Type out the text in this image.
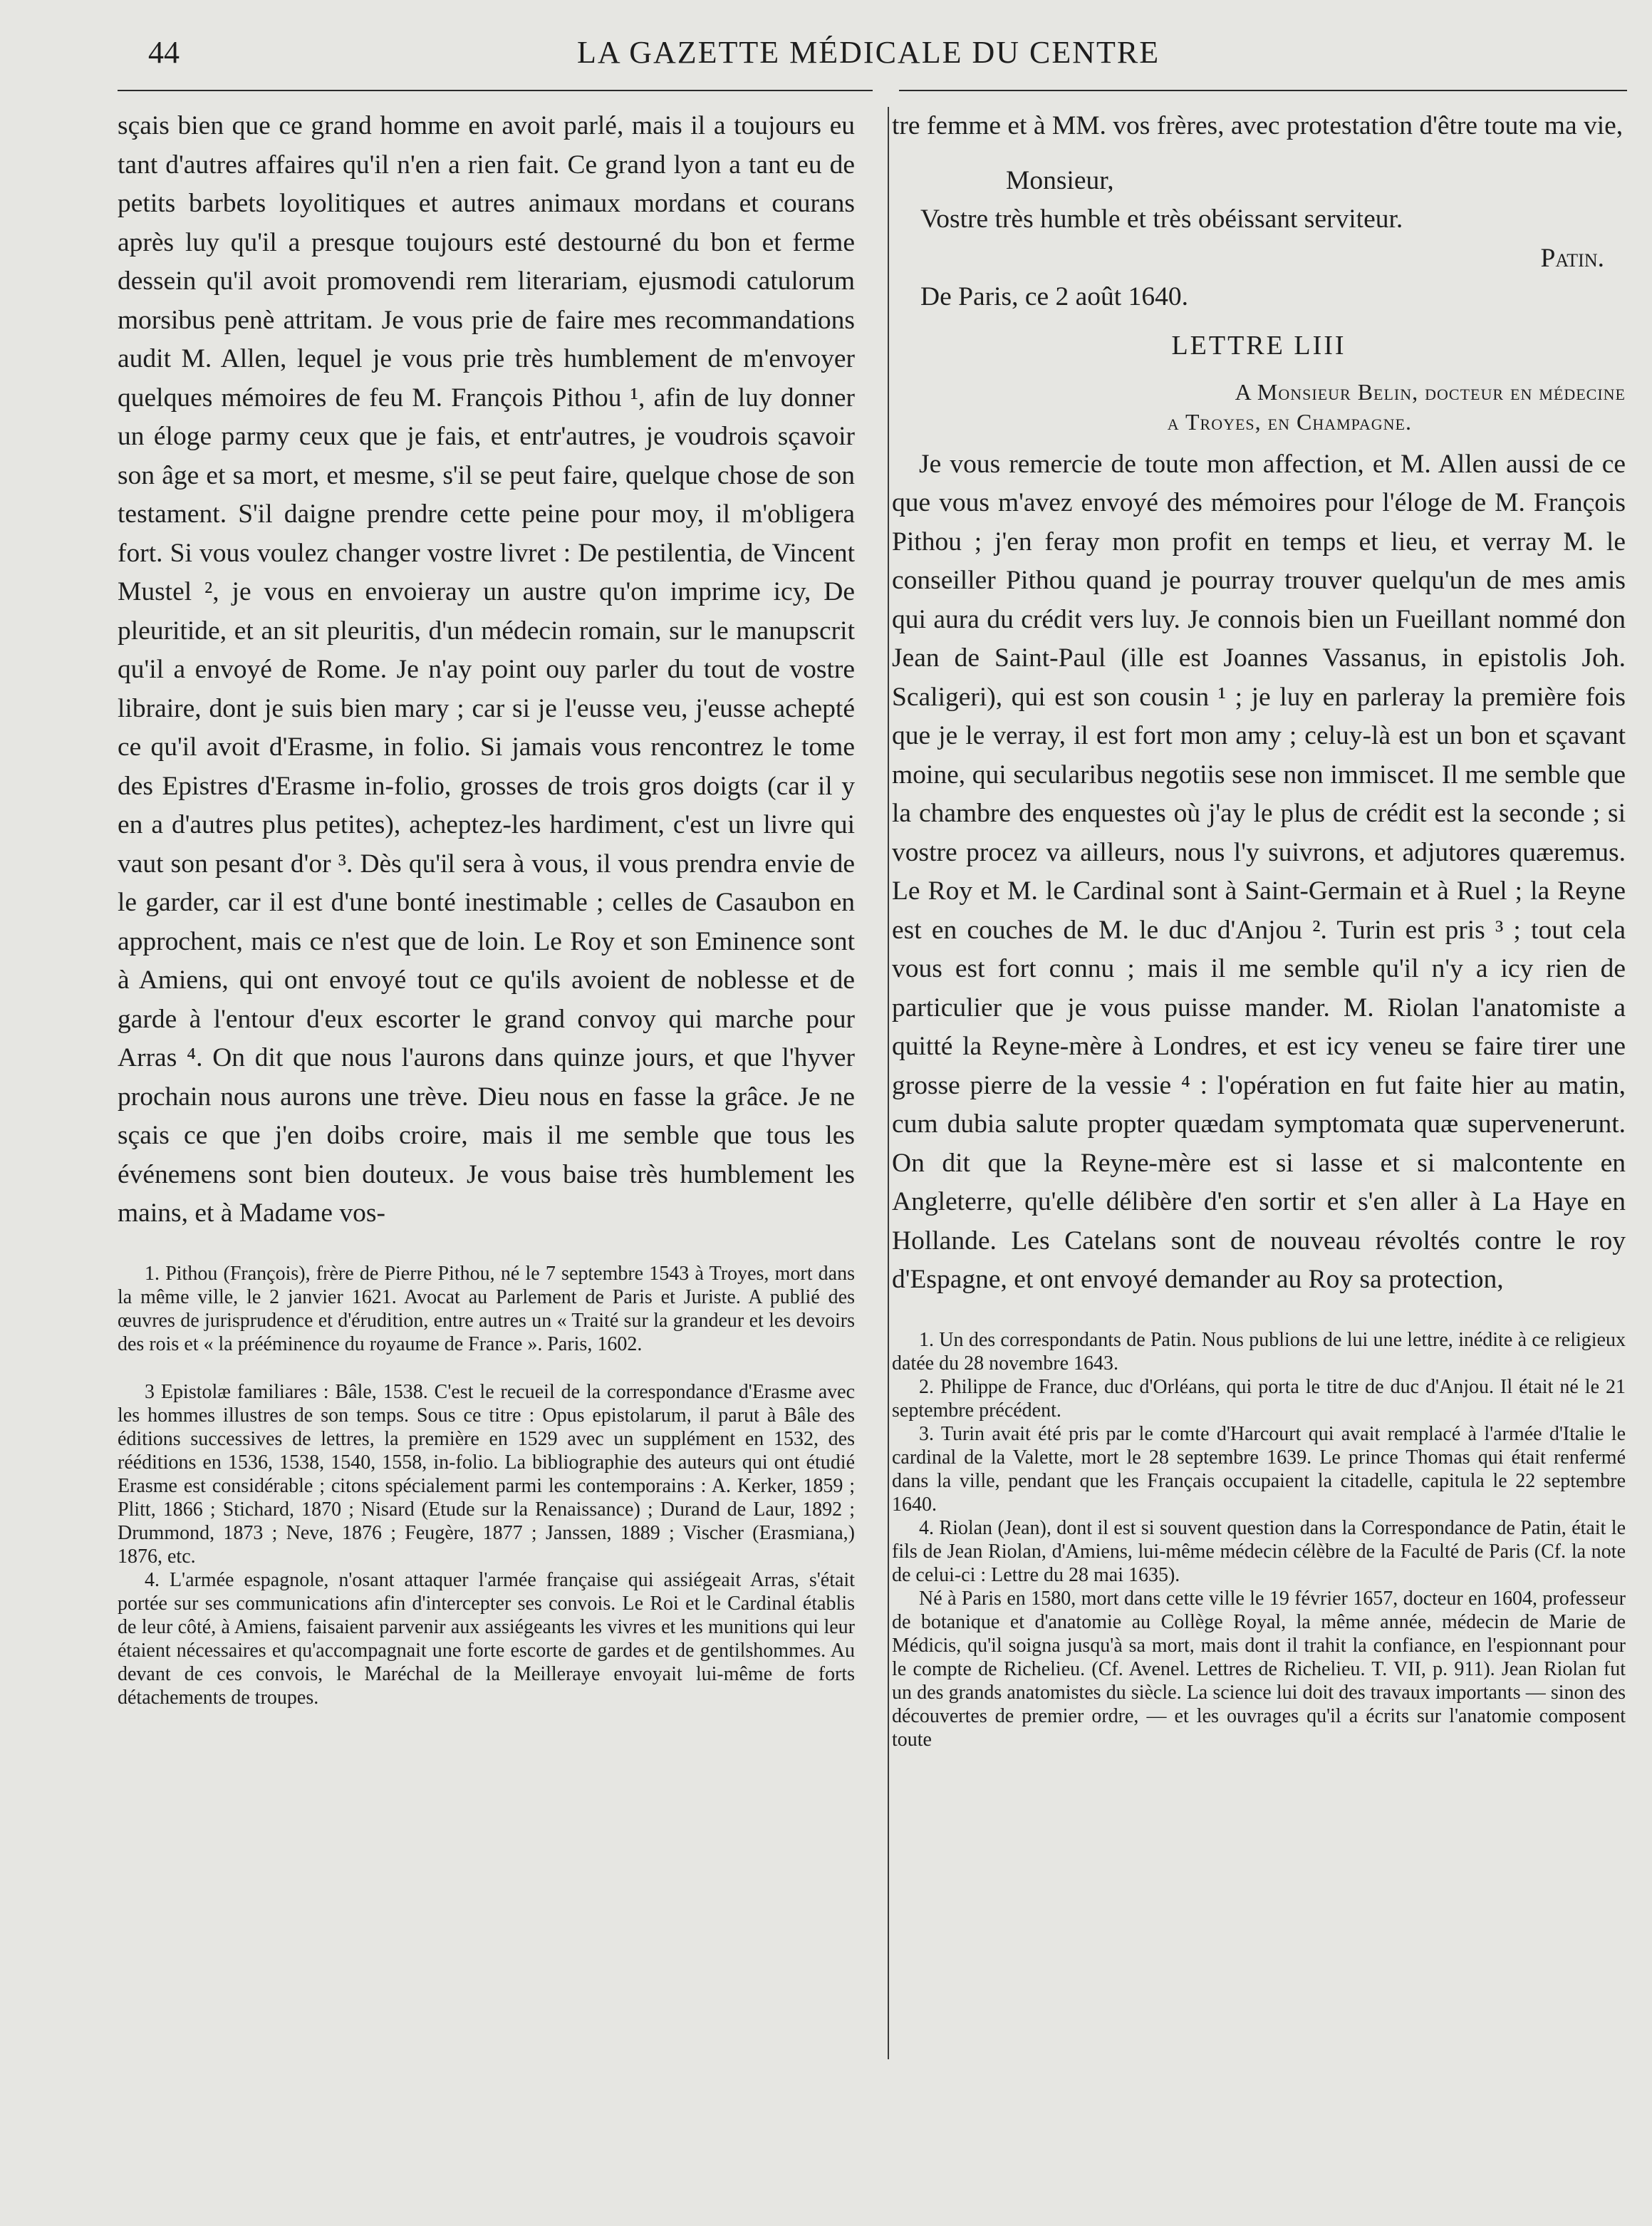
44	LA GAZETTE MÉDICALE DU CENTRE

sçais bien que ce grand homme en avoit parlé, mais il a toujours eu tant d'autres affaires qu'il n'en a rien fait. Ce grand lyon a tant eu de petits barbets loyolitiques et autres animaux mordans et courans après luy qu'il a presque toujours esté destourné du bon et ferme dessein qu'il avoit promovendi rem literariam, ejusmodi catulorum morsibus penè attritam. Je vous prie de faire mes recommandations audit M. Allen, lequel je vous prie très humblement de m'envoyer quelques mémoires de feu M. François Pithou ¹, afin de luy donner un éloge parmy ceux que je fais, et entr'autres, je voudrois sçavoir son âge et sa mort, et mesme, s'il se peut faire, quelque chose de son testament. S'il daigne prendre cette peine pour moy, il m'obligera fort. Si vous voulez changer vostre livret : De pestilentia, de Vincent Mustel ², je vous en envoieray un austre qu'on imprime icy, De pleuritide, et an sit pleuritis, d'un médecin romain, sur le manupscrit qu'il a envoyé de Rome. Je n'ay point ouy parler du tout de vostre libraire, dont je suis bien mary ; car si je l'eusse veu, j'eusse achepté ce qu'il avoit d'Erasme, in folio. Si jamais vous rencontrez le tome des Epistres d'Erasme in-folio, grosses de trois gros doigts (car il y en a d'autres plus petites), acheptez-les hardiment, c'est un livre qui vaut son pesant d'or ³. Dès qu'il sera à vous, il vous prendra envie de le garder, car il est d'une bonté inestimable ; celles de Casaubon en approchent, mais ce n'est que de loin. Le Roy et son Eminence sont à Amiens, qui ont envoyé tout ce qu'ils avoient de noblesse et de garde à l'entour d'eux escorter le grand convoy qui marche pour Arras ⁴. On dit que nous l'aurons dans quinze jours, et que l'hyver prochain nous aurons une trève. Dieu nous en fasse la grâce. Je ne sçais ce que j'en doibs croire, mais il me semble que tous les événemens sont bien douteux. Je vous baise très humblement les mains, et à Madame vos-

1. Pithou (François), frère de Pierre Pithou, né le 7 septembre 1543 à Troyes, mort dans la même ville, le 2 janvier 1621. Avocat au Parlement de Paris et Juriste. A publié des œuvres de jurisprudence et d'érudition, entre autres un « Traité sur la grandeur et les devoirs des rois et « la prééminence du royaume de France ». Paris, 1602.

3 Epistolæ familiares : Bâle, 1538. C'est le recueil de la correspondance d'Erasme avec les hommes illustres de son temps. Sous ce titre : Opus epistolarum, il parut à Bâle des éditions successives de lettres, la première en 1529 avec un supplément en 1532, des rééditions en 1536, 1538, 1540, 1558, in-folio. La bibliographie des auteurs qui ont étudié Erasme est considérable ; citons spécialement parmi les contemporains : A. Kerker, 1859 ; Plitt, 1866 ; Stichard, 1870 ; Nisard (Etude sur la Renaissance) ; Durand de Laur, 1892 ; Drummond, 1873 ; Neve, 1876 ; Feugère, 1877 ; Janssen, 1889 ; Vischer (Erasmiana,) 1876, etc.

4. L'armée espagnole, n'osant attaquer l'armée française qui assiégeait Arras, s'était portée sur ses communications afin d'intercepter ses convois. Le Roi et le Cardinal établis de leur côté, à Amiens, faisaient parvenir aux assiégeants les vivres et les munitions qui leur étaient nécessaires et qu'accompagnait une forte escorte de gardes et de gentilshommes. Au devant de ces convois, le Maréchal de la Meilleraye envoyait lui-même de forts détachements de troupes.

tre femme et à MM. vos frères, avec protestation d'être toute ma vie,

Monsieur,

Vostre très humble et très obéissant serviteur.

Patin.

De Paris, ce 2 août 1640.

LETTRE LIII

A Monsieur Belin, docteur en médecine

a Troyes, en Champagne.

Je vous remercie de toute mon affection, et M. Allen aussi de ce que vous m'avez envoyé des mémoires pour l'éloge de M. François Pithou ; j'en feray mon profit en temps et lieu, et verray M. le conseiller Pithou quand je pourray trouver quelqu'un de mes amis qui aura du crédit vers luy. Je connois bien un Fueillant nommé don Jean de Saint-Paul (ille est Joannes Vassanus, in epistolis Joh. Scaligeri), qui est son cousin ¹ ; je luy en parleray la première fois que je le verray, il est fort mon amy ; celuy-là est un bon et sçavant moine, qui secularibus negotiis sese non immiscet. Il me semble que la chambre des enquestes où j'ay le plus de crédit est la seconde ; si vostre procez va ailleurs, nous l'y suivrons, et adjutores quæremus. Le Roy et M. le Cardinal sont à Saint-Germain et à Ruel ; la Reyne est en couches de M. le duc d'Anjou ². Turin est pris ³ ; tout cela vous est fort connu ; mais il me semble qu'il n'y a icy rien de particulier que je vous puisse mander. M. Riolan l'anatomiste a quitté la Reyne-mère à Londres, et est icy veneu se faire tirer une grosse pierre de la vessie ⁴ : l'opération en fut faite hier au matin, cum dubia salute propter quædam symptomata quæ supervenerunt. On dit que la Reyne-mère est si lasse et si malcontente en Angleterre, qu'elle délibère d'en sortir et s'en aller à La Haye en Hollande. Les Catelans sont de nouveau révoltés contre le roy d'Espagne, et ont envoyé demander au Roy sa protection,

1. Un des correspondants de Patin. Nous publions de lui une lettre, inédite à ce religieux datée du 28 novembre 1643.

2. Philippe de France, duc d'Orléans, qui porta le titre de duc d'Anjou. Il était né le 21 septembre précédent.

3. Turin avait été pris par le comte d'Harcourt qui avait remplacé à l'armée d'Italie le cardinal de la Valette, mort le 28 septembre 1639. Le prince Thomas qui était renfermé dans la ville, pendant que les Français occupaient la citadelle, capitula le 22 septembre 1640.

4. Riolan (Jean), dont il est si souvent question dans la Correspondance de Patin, était le fils de Jean Riolan, d'Amiens, lui-même médecin célèbre de la Faculté de Paris (Cf. la note de celui-ci : Lettre du 28 mai 1635).

Né à Paris en 1580, mort dans cette ville le 19 février 1657, docteur en 1604, professeur de botanique et d'anatomie au Collège Royal, la même année, médecin de Marie de Médicis, qu'il soigna jusqu'à sa mort, mais dont il trahit la confiance, en l'espionnant pour le compte de Richelieu. (Cf. Avenel. Lettres de Richelieu. T. VII, p. 911). Jean Riolan fut un des grands anatomistes du siècle. La science lui doit des travaux importants — sinon des découvertes de premier ordre, — et les ouvrages qu'il a écrits sur l'anatomie composent toute
